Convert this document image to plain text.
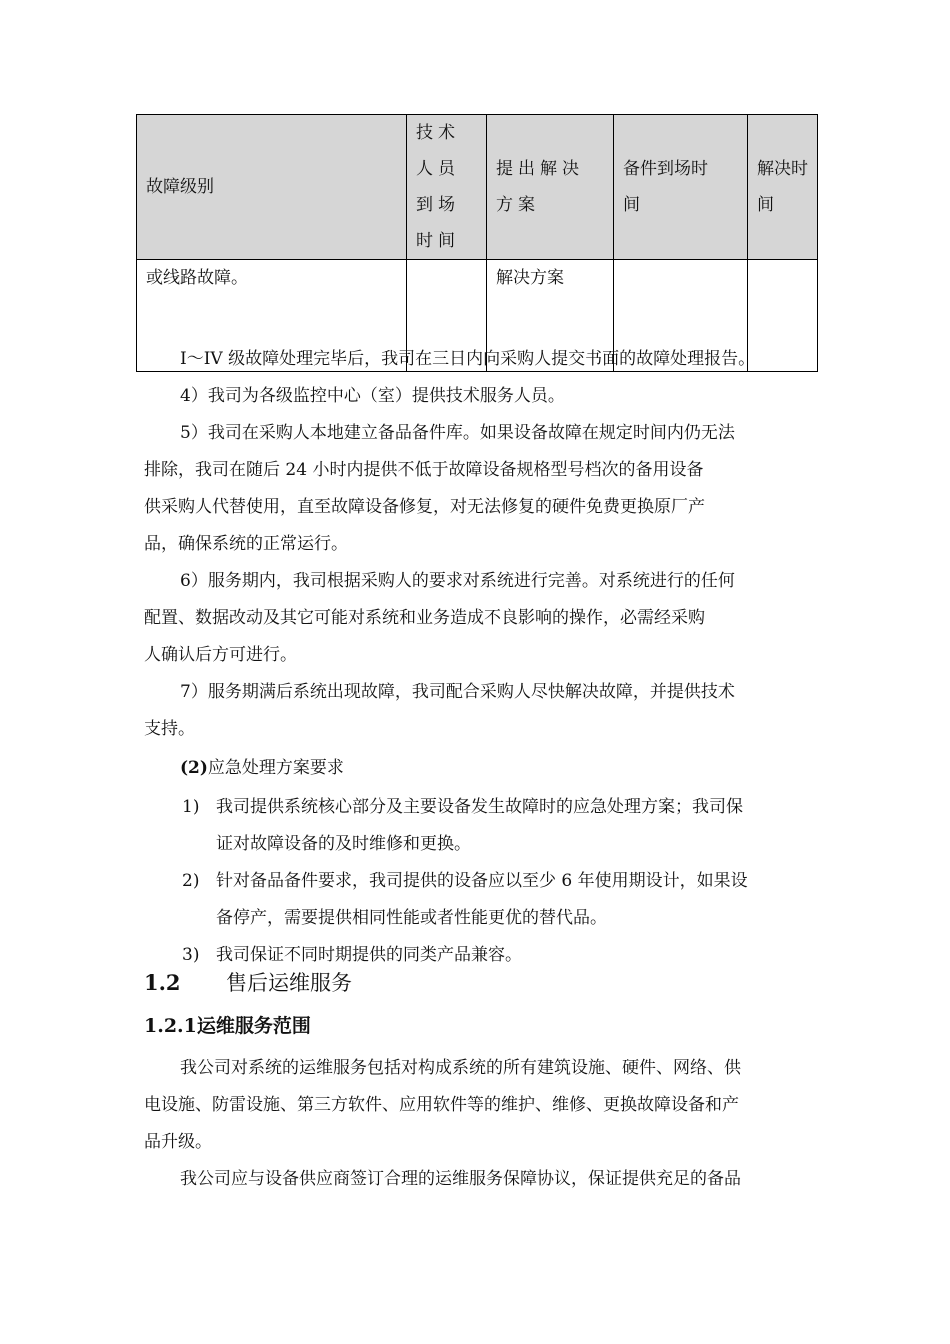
故障级别	技术人员到场时间	提出解决方案	备件到场时间	解决时间

或线路故障。		解决方案		

I～IV 级故障处理完毕后，我司在三日内向采购人提交书面的故障处理报告。

4）我司为各级监控中心（室）提供技术服务人员。

5）我司在采购人本地建立备品备件库。如果设备故障在规定时间内仍无法

排除，我司在随后 24 小时内提供不低于故障设备规格型号档次的备用设备

供采购人代替使用，直至故障设备修复，对无法修复的硬件免费更换原厂产

品，确保系统的正常运行。

6）服务期内，我司根据采购人的要求对系统进行完善。对系统进行的任何

配置、数据改动及其它可能对系统和业务造成不良影响的操作，必需经采购

人确认后方可进行。

7）服务期满后系统出现故障，我司配合采购人尽快解决故障，并提供技术

支持。

(2)应急处理方案要求

1) 我司提供系统核心部分及主要设备发生故障时的应急处理方案；我司保
证对故障设备的及时维修和更换。
2) 针对备品备件要求，我司提供的设备应以至少 6 年使用期设计，如果设
备停产，需要提供相同性能或者性能更优的替代品。
3) 我司保证不同时期提供的同类产品兼容。
1.2 售后运维服务
1.2.1运维服务范围

我公司对系统的运维服务包括对构成系统的所有建筑设施、硬件、网络、供

电设施、防雷设施、第三方软件、应用软件等的维护、维修、更换故障设备和产

品升级。

我公司应与设备供应商签订合理的运维服务保障协议，保证提供充足的备品
